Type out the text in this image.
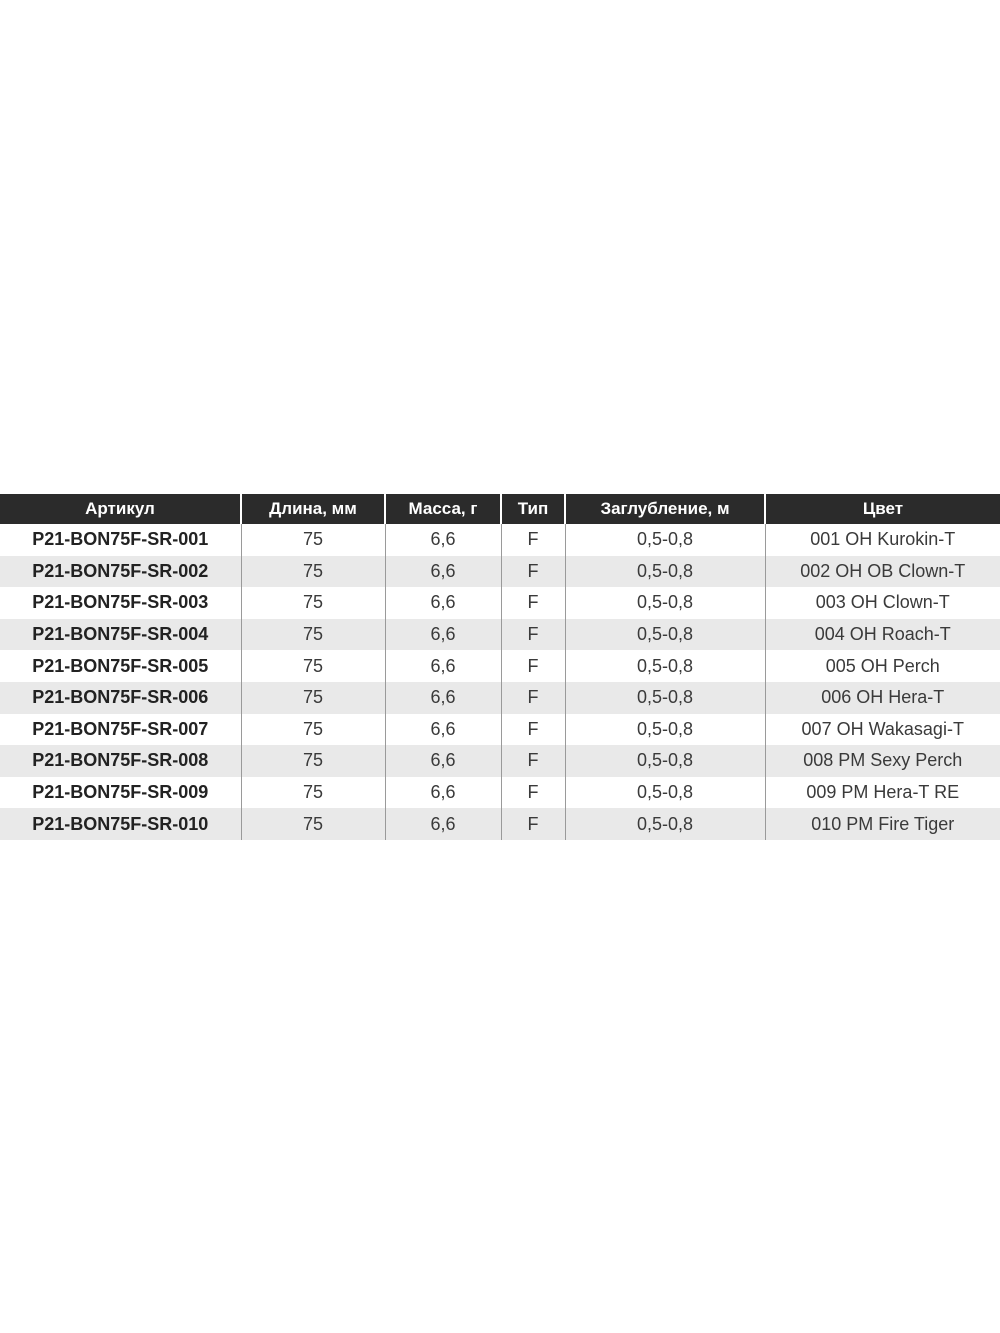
Артикул	Длина, мм	Масса, г	Тип	Заглубление, м	Цвет
P21-BON75F-SR-001	75	6,6	F	0,5-0,8	001 OH Kurokin-T
P21-BON75F-SR-002	75	6,6	F	0,5-0,8	002 OH OB Clown-T
P21-BON75F-SR-003	75	6,6	F	0,5-0,8	003 OH Clown-T
P21-BON75F-SR-004	75	6,6	F	0,5-0,8	004 OH Roach-T
P21-BON75F-SR-005	75	6,6	F	0,5-0,8	005 OH Perch
P21-BON75F-SR-006	75	6,6	F	0,5-0,8	006 OH Hera-T
P21-BON75F-SR-007	75	6,6	F	0,5-0,8	007 OH Wakasagi-T
P21-BON75F-SR-008	75	6,6	F	0,5-0,8	008 PM Sexy Perch
P21-BON75F-SR-009	75	6,6	F	0,5-0,8	009 PM Hera-T RE
P21-BON75F-SR-010	75	6,6	F	0,5-0,8	010 PM Fire Tiger
